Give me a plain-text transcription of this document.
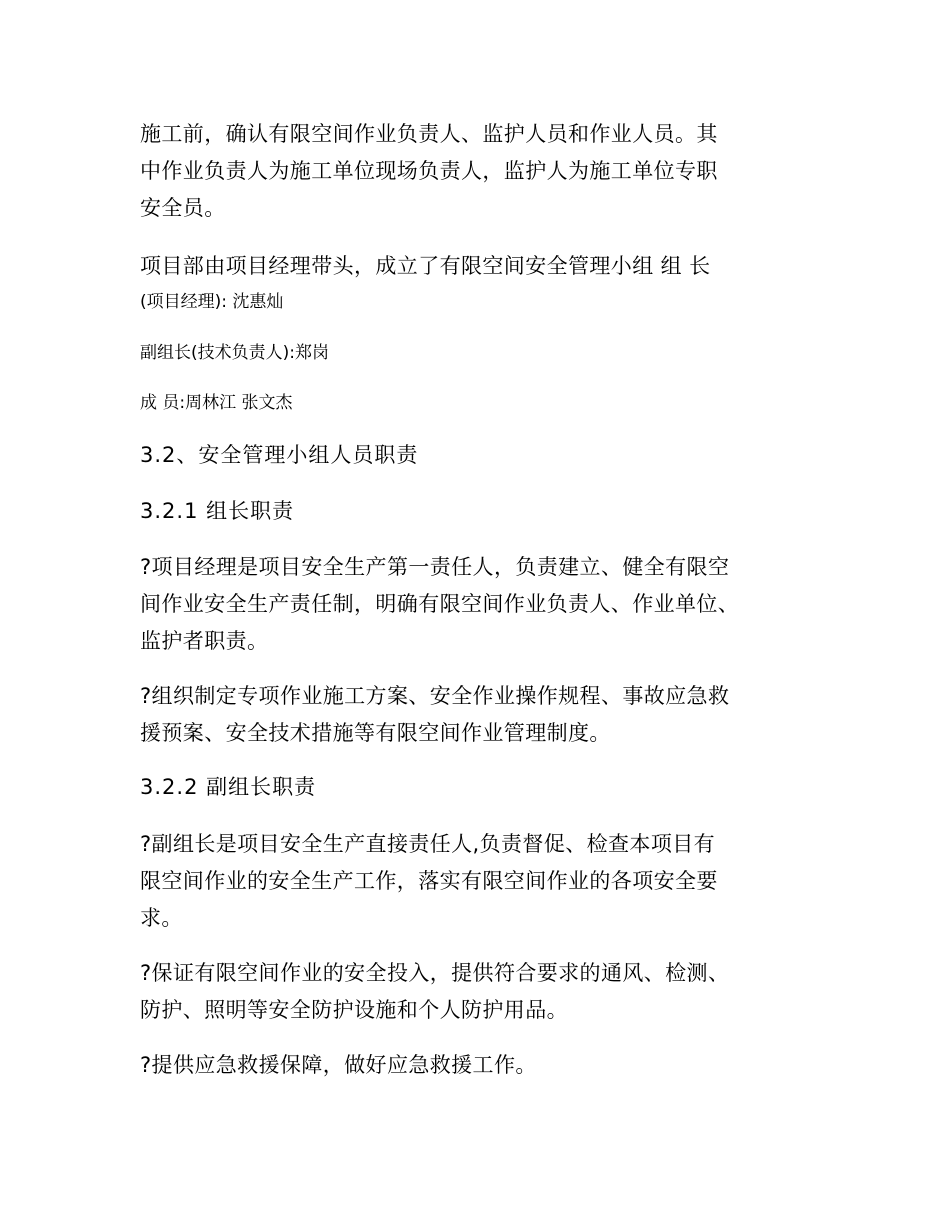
施工前，确认有限空间作业负责人、监护人员和作业人员。其
中作业负责人为施工单位现场负责人，监护人为施工单位专职
安全员。

项目部由项目经理带头，成立了有限空间安全管理小组 组 长

(项目经理): 沈惠灿

副组长(技术负责人):郑岗

成 员:周林江 张文杰

3.2、安全管理小组人员职责

3.2.1 组长职责

?项目经理是项目安全生产第一责任人，负责建立、健全有限空
间作业安全生产责任制，明确有限空间作业负责人、作业单位、
监护者职责。

?组织制定专项作业施工方案、安全作业操作规程、事故应急救
援预案、安全技术措施等有限空间作业管理制度。

3.2.2 副组长职责

?副组长是项目安全生产直接责任人,负责督促、检查本项目有
限空间作业的安全生产工作，落实有限空间作业的各项安全要
求。

?保证有限空间作业的安全投入，提供符合要求的通风、检测、
防护、照明等安全防护设施和个人防护用品。

?提供应急救援保障，做好应急救援工作。
